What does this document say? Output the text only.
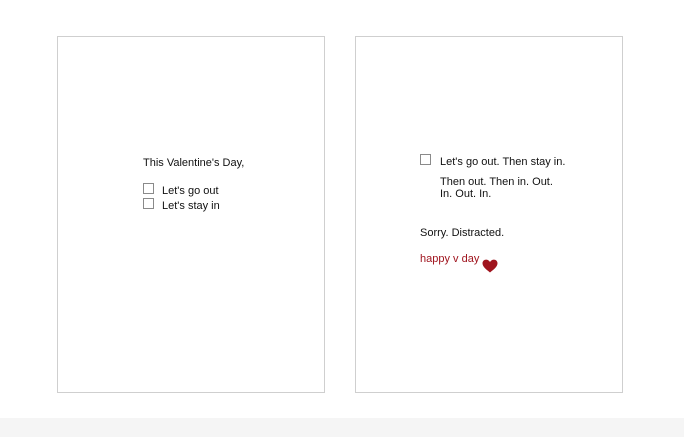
This Valentine's Day,
Let's go out
Let's stay in
Let's go out. Then stay in.
Then out. Then in. Out.
In. Out. In.
Sorry. Distracted.
happy v day
